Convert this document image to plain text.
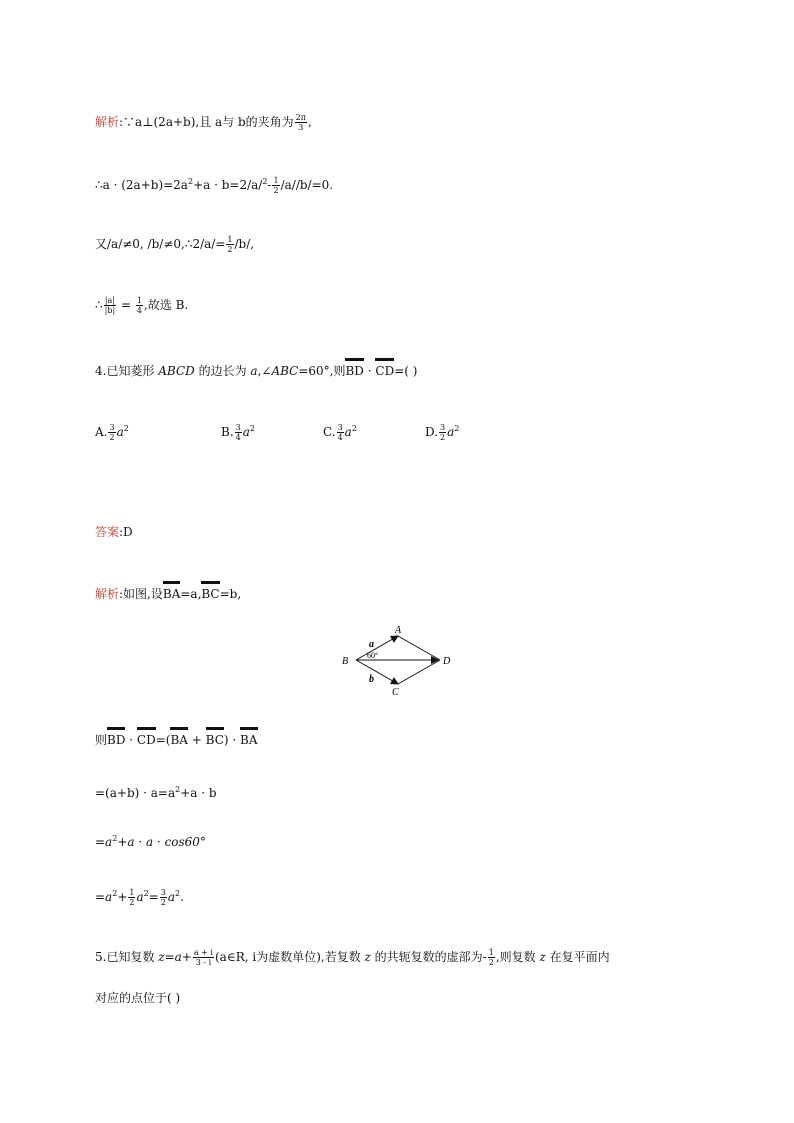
解析:∵a⊥(2a+b),且 a与 b的夹角为 $\frac{2\pi}{3}$ ,
∴a · $(2a+b)=2a^2+a \cdot b=2/a/^2- \frac{1}{2} /a//b/=0$.
又/a/≠0, /b/≠0,∴2/a/= $\frac{1}{2} /b/$,
∴ $\frac{|a|}{|b|} = \frac{1}{4}$ ,故选 B.
4.已知菱形 ABCD 的边长为 a,∠ABC=60°,则BD · CD=( )
A. $\frac{3}{2} a^2$	B. $\frac{3}{4} a^2$	C. $\frac{3}{4} a^2$	D. $\frac{3}{2} a^2$
答案:D
解析:如图,设BA=a,BC=b,
B
A
D
C
a
b
60°
则BD · CD=(BA + BC) · BA
$=(a+b) \cdot a=a^2+a \cdot b$
$=a^2+a \cdot a \cdot \cos 60^\circ$
$=a^2+ \frac{1}{2} a^2= \frac{3}{2} a^2$.
5.已知复数 $z=a+ \frac{a + i}{3 - i}$ (a∈R, i为虚数单位),若复数 z 的共轭复数的虚部为- $\frac{1}{2}$ ,则复数 z 在复平面内
对应的点位于( )
